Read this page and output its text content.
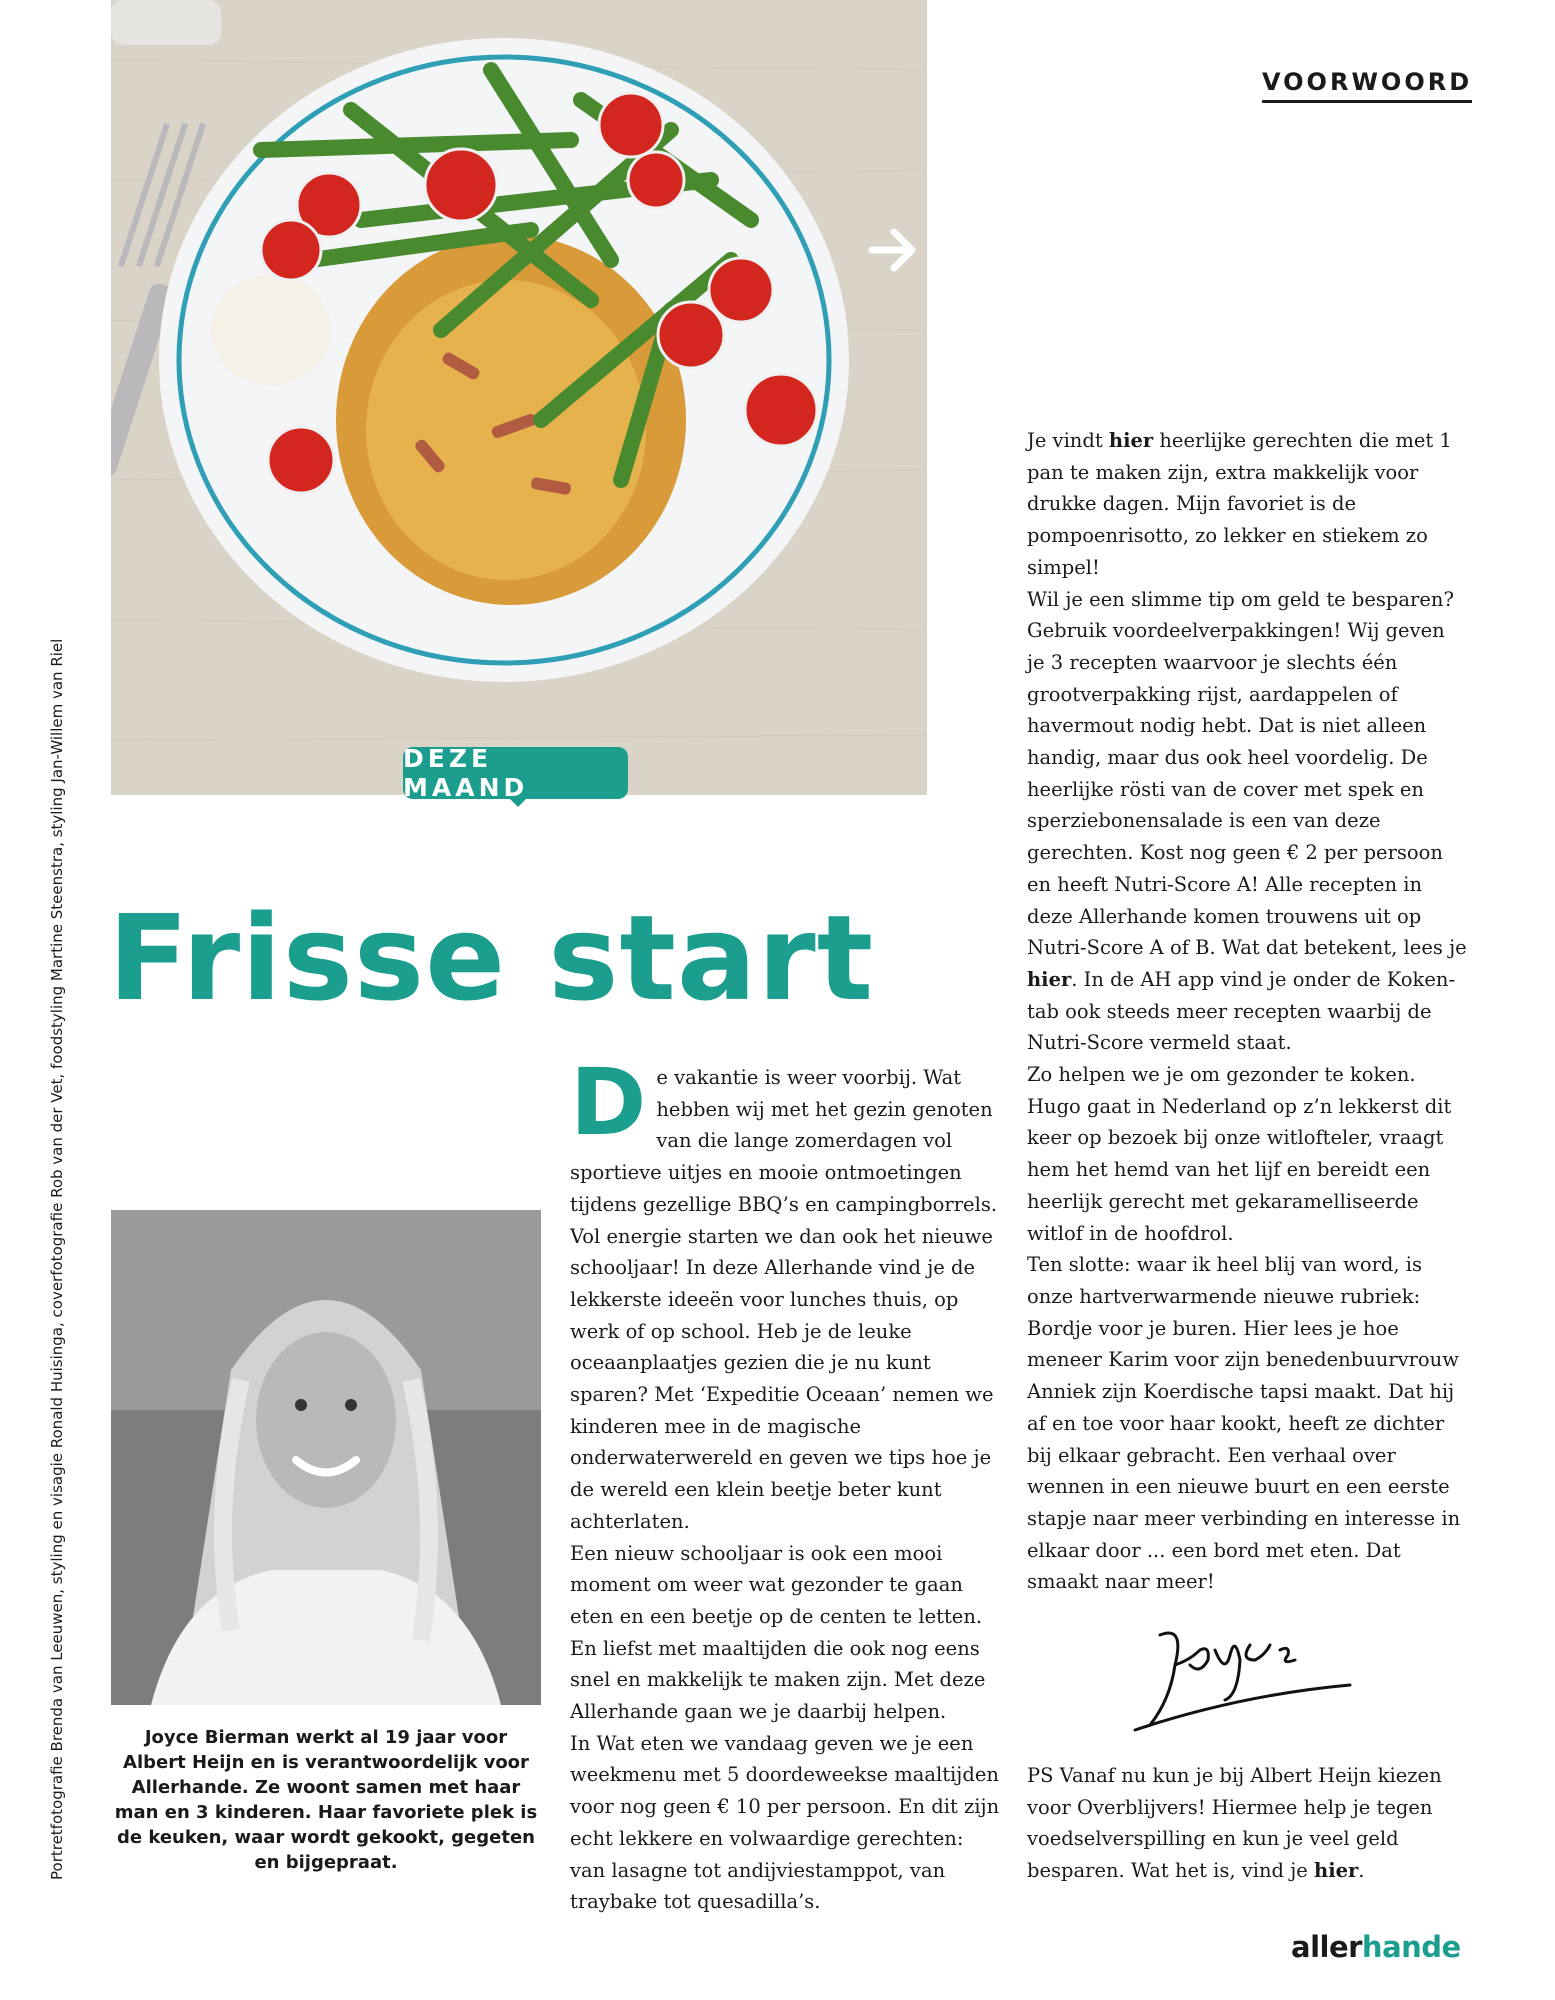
VOORWOORD
DEZE MAAND
Frisse start
Portretfotografie Brenda van Leeuwen, styling en visagie Ronald Huisinga, coverfotografie Rob van der Vet, foodstyling Martine Steenstra, styling Jan-Willem van Riel	Joyce Bierman werkt al 19 jaar voor Albert Heijn en is verantwoordelijk voor Allerhande. Ze woont samen met haar man en 3 kinderen. Haar favoriete plek is de keuken, waar wordt gekookt, gegeten en bijgepraat.

De vakantie is weer voorbij. Wat hebben wij met het gezin genoten van die lange zomerdagen vol sportieve uitjes en mooie ontmoetingen tijdens gezellige BBQ’s en campingborrels. Vol energie starten we dan ook het nieuwe schooljaar! In deze Allerhande vind je de lekkerste ideeën voor lunches thuis, op werk of op school. Heb je de leuke oceaanplaatjes gezien die je nu kunt sparen? Met ‘Expeditie Oceaan’ nemen we kinderen mee in de magische onderwaterwereld en geven we tips hoe je de wereld een klein beetje beter kunt achterlaten.

Een nieuw schooljaar is ook een mooi moment om weer wat gezonder te gaan eten en een beetje op de centen te letten. En liefst met maaltijden die ook nog eens snel en makkelijk te maken zijn. Met deze Allerhande gaan we je daarbij helpen.

In Wat eten we vandaag geven we je een weekmenu met 5 doordeweekse maaltijden voor nog geen € 10 per persoon. En dit zijn echt lekkere en volwaardige gerechten: van lasagne tot andijviestamppot, van traybake tot quesadilla’s.

Je vindt hier heerlijke gerechten die met 1 pan te maken zijn, extra makkelijk voor drukke dagen. Mijn favoriet is de pompoenrisotto, zo lekker en stiekem zo simpel!

Wil je een slimme tip om geld te besparen? Gebruik voordeelverpakkingen! Wij geven je 3 recepten waarvoor je slechts één grootverpakking rijst, aardappelen of havermout nodig hebt. Dat is niet alleen handig, maar dus ook heel voordelig. De heerlijke rösti van de cover met spek en sperziebonensalade is een van deze gerechten. Kost nog geen € 2 per persoon en heeft Nutri-Score A! Alle recepten in deze Allerhande komen trouwens uit op Nutri-Score A of B. Wat dat betekent, lees je hier. In de AH app vind je onder de Koken-tab ook steeds meer recepten waarbij de Nutri-Score vermeld staat.

Zo helpen we je om gezonder te koken. Hugo gaat in Nederland op z’n lekkerst dit keer op bezoek bij onze witlofteler, vraagt hem het hemd van het lijf en bereidt een heerlijk gerecht met gekaramelliseerde witlof in de hoofdrol.

Ten slotte: waar ik heel blij van word, is onze hartverwarmende nieuwe rubriek: Bordje voor je buren. Hier lees je hoe meneer Karim voor zijn benedenbuurvrouw Anniek zijn Koerdische tapsi maakt. Dat hij af en toe voor haar kookt, heeft ze dichter bij elkaar gebracht. Een verhaal over wennen in een nieuwe buurt en een eerste stapje naar meer verbinding en interesse in elkaar door ... een bord met eten. Dat smaakt naar meer!

PS Vanaf nu kun je bij Albert Heijn kiezen voor Overblijvers! Hiermee help je tegen voedselverspilling en kun je veel geld besparen. Wat het is, vind je hier.
allerhande
